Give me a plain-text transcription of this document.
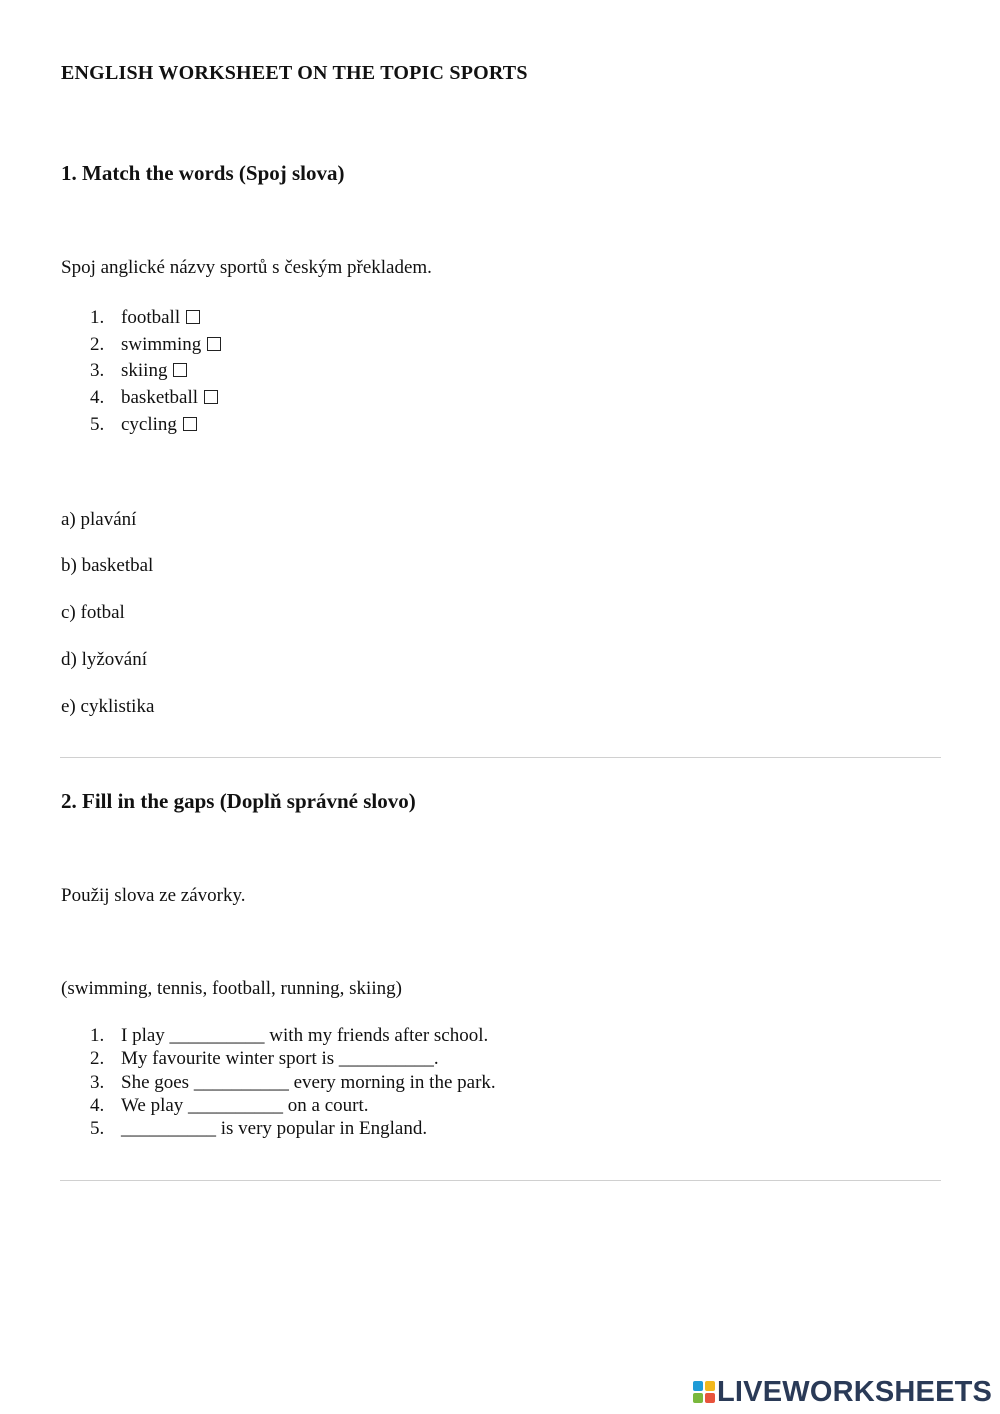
ENGLISH WORKSHEET ON THE TOPIC SPORTS
1. Match the words (Spoj slova)
Spoj anglické názvy sportů s českým překladem.
1. football
2. swimming
3. skiing
4. basketball
5. cycling
a) plavání
b) basketbal
c) fotbal
d) lyžování
e) cyklistika
2. Fill in the gaps (Doplň správné slovo)
Použij slova ze závorky.
(swimming, tennis, football, running, skiing)
1. I play __________ with my friends after school.
2. My favourite winter sport is __________.
3. She goes __________ every morning in the park.
4. We play __________ on a court.
5. __________ is very popular in England.
LIVEWORKSHEETS
